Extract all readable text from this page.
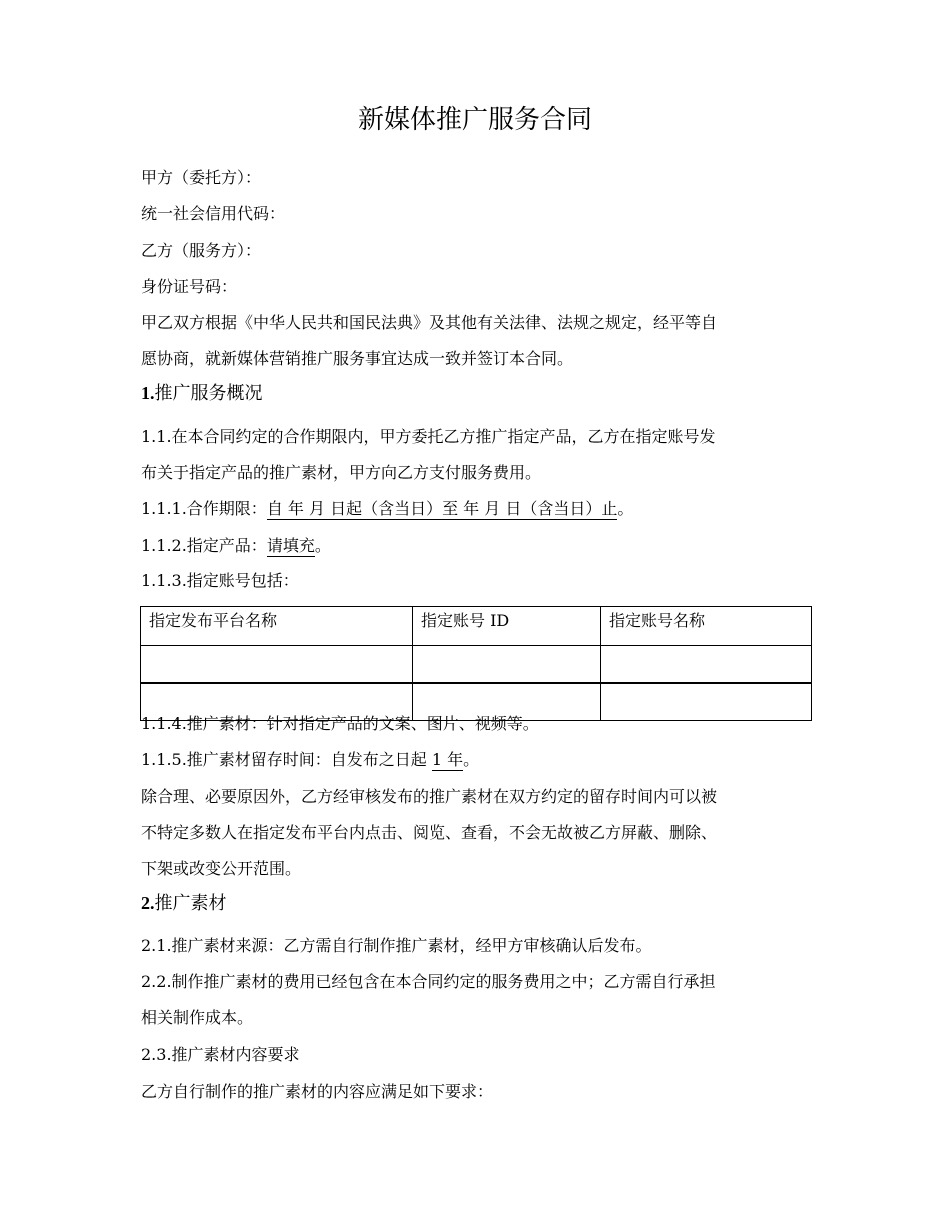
新媒体推广服务合同
甲方（委托方）：
统一社会信用代码：
乙方（服务方）：
身份证号码：
甲乙双方根据《中华人民共和国民法典》及其他有关法律、法规之规定，经平等自
愿协商，就新媒体营销推广服务事宜达成一致并签订本合同。
1.推广服务概况
1.1.在本合同约定的合作期限内，甲方委托乙方推广指定产品，乙方在指定账号发
布关于指定产品的推广素材，甲方向乙方支付服务费用。
1.1.1.合作期限：自 年 月 日起（含当日）至 年 月 日（含当日）止。
1.1.2.指定产品：请填充。
1.1.3.指定账号包括：
指定发布平台名称	指定账号 ID	指定账号名称

1.1.4.推广素材：针对指定产品的文案、图片、视频等。
1.1.5.推广素材留存时间：自发布之日起 1 年。
除合理、必要原因外，乙方经审核发布的推广素材在双方约定的留存时间内可以被
不特定多数人在指定发布平台内点击、阅览、查看，不会无故被乙方屏蔽、删除、
下架或改变公开范围。
2.推广素材
2.1.推广素材来源：乙方需自行制作推广素材，经甲方审核确认后发布。
2.2.制作推广素材的费用已经包含在本合同约定的服务费用之中；乙方需自行承担
相关制作成本。
2.3.推广素材内容要求
乙方自行制作的推广素材的内容应满足如下要求：
